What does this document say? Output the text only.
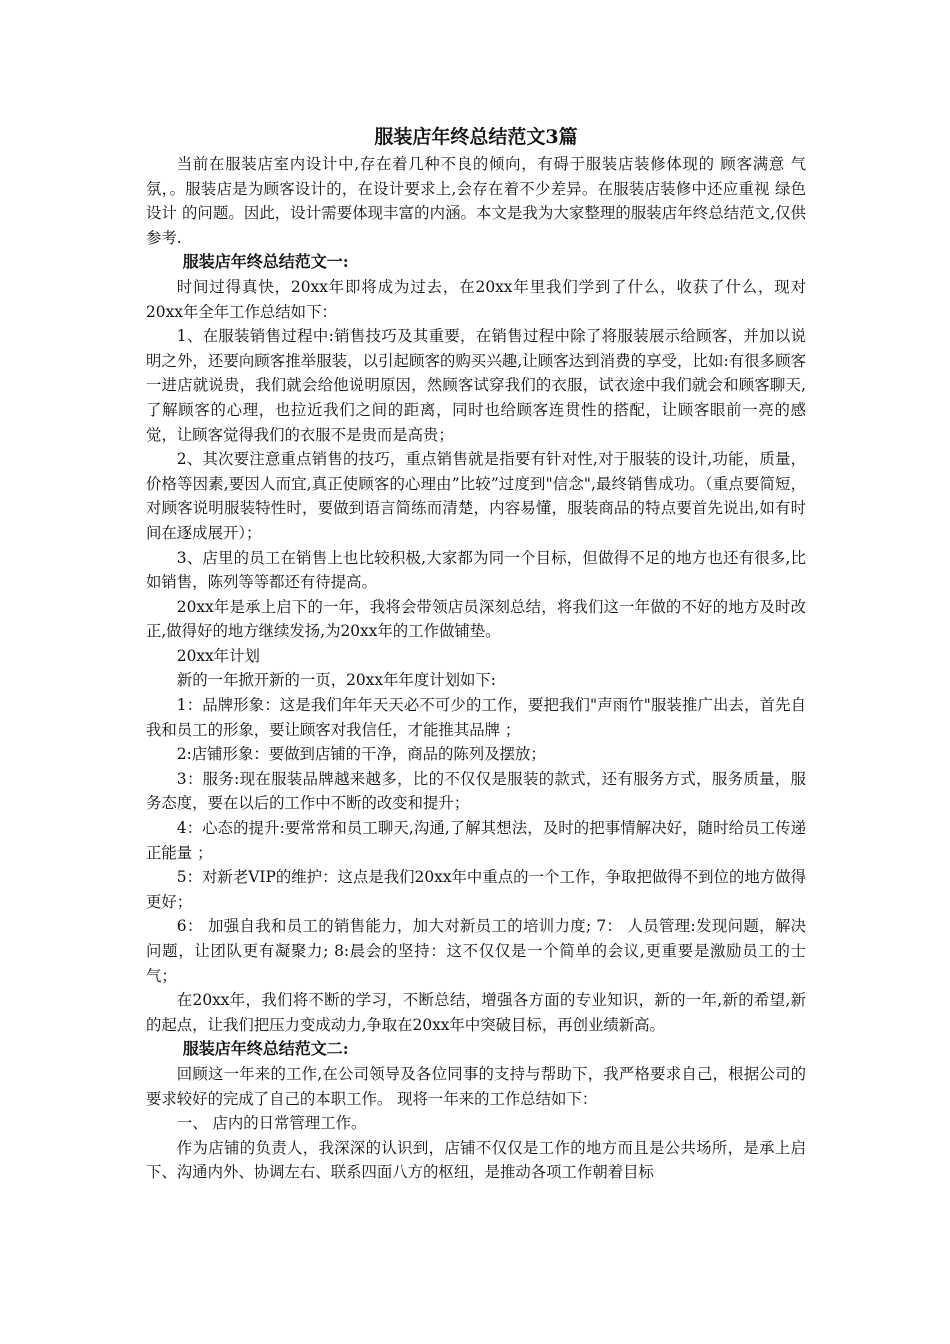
服装店年终总结范文3篇

当前在服装店室内设计中,存在着几种不良的倾向，有碍于服装店装修体现的 顾客满意 气氛，。服装店是为顾客设计的，在设计要求上,会存在着不少差异。在服装店装修中还应重视 绿色设计 的问题。因此，设计需要体现丰富的内涵。本文是我为大家整理的服装店年终总结范文,仅供参考.

服装店年终总结范文一:

时间过得真快，20xx年即将成为过去，在20xx年里我们学到了什么，收获了什么，现对20xx年全年工作总结如下：

1、在服装销售过程中:销售技巧及其重要，在销售过程中除了将服装展示给顾客，并加以说明之外，还要向顾客推举服装，以引起顾客的购买兴趣,让顾客达到消费的享受，比如:有很多顾客一进店就说贵，我们就会给他说明原因，然顾客试穿我们的衣服，试衣途中我们就会和顾客聊天,了解顾客的心理，也拉近我们之间的距离，同时也给顾客连贯性的搭配，让顾客眼前一亮的感觉，让顾客觉得我们的衣服不是贵而是高贵；

2、其次要注意重点销售的技巧，重点销售就是指要有针对性,对于服装的设计,功能，质量，价格等因素,要因人而宜,真正使顾客的心理由”比较”过度到"信念",最终销售成功。（重点要简短，对顾客说明服装特性时，要做到语言简练而清楚，内容易懂，服装商品的特点要首先说出,如有时间在逐成展开）；

3、店里的员工在销售上也比较积极,大家都为同一个目标，但做得不足的地方也还有很多,比如销售，陈列等等都还有待提高。

20xx年是承上启下的一年，我将会带领店员深刻总结，将我们这一年做的不好的地方及时改正,做得好的地方继续发扬,为20xx年的工作做铺垫。

20xx年计划

新的一年掀开新的一页，20xx年年度计划如下:

1：品牌形象：这是我们年年天天必不可少的工作，要把我们"声雨竹"服装推广出去，首先自我和员工的形象，要让顾客对我信任，才能推其品牌 ；

2:店铺形象：要做到店铺的干净，商品的陈列及摆放；

3：服务:现在服装品牌越来越多，比的不仅仅是服装的款式，还有服务方式，服务质量，服务态度，要在以后的工作中不断的改变和提升；

4：心态的提升:要常常和员工聊天,沟通,了解其想法，及时的把事情解决好，随时给员工传递正能量 ；

5：对新老VIP的维护：这点是我们20xx年中重点的一个工作，争取把做得不到位的地方做得更好；

6： 加强自我和员工的销售能力，加大对新员工的培训力度; 7： 人员管理:发现问题，解决问题，让团队更有凝聚力; 8:晨会的坚持：这不仅仅是一个简单的会议,更重要是激励员工的士气；

在20xx年，我们将不断的学习，不断总结，增强各方面的专业知识，新的一年,新的希望,新的起点，让我们把压力变成动力,争取在20xx年中突破目标，再创业绩新高。

服装店年终总结范文二:

回顾这一年来的工作,在公司领导及各位同事的支持与帮助下，我严格要求自己，根据公司的要求较好的完成了自己的本职工作。 现将一年来的工作总结如下：

一、 店内的日常管理工作。

作为店铺的负责人，我深深的认识到，店铺不仅仅是工作的地方而且是公共场所，是承上启下、沟通内外、协调左右、联系四面八方的枢纽，是推动各项工作朝着目标
